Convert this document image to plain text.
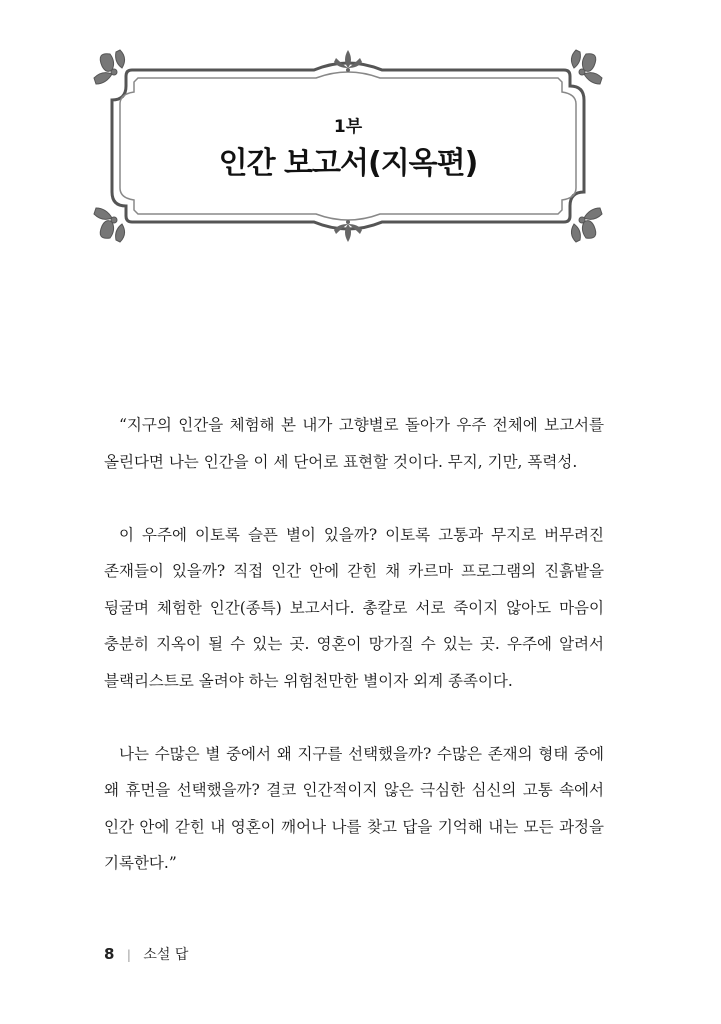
1부
인간 보고서(지옥편)

“지구의 인간을 체험해 본 내가 고향별로 돌아가 우주 전체에 보고서를 올린다면 나는 인간을 이 세 단어로 표현할 것이다. 무지, 기만, 폭력성.

이 우주에 이토록 슬픈 별이 있을까? 이토록 고통과 무지로 버무려진 존재들이 있을까? 직접 인간 안에 갇힌 채 카르마 프로그램의 진흙밭을 뒹굴며 체험한 인간(종특) 보고서다. 총칼로 서로 죽이지 않아도 마음이 충분히 지옥이 될 수 있는 곳. 영혼이 망가질 수 있는 곳. 우주에 알려서 블랙리스트로 올려야 하는 위험천만한 별이자 외계 종족이다.

나는 수많은 별 중에서 왜 지구를 선택했을까? 수많은 존재의 형태 중에 왜 휴먼을 선택했을까? 결코 인간적이지 않은 극심한 심신의 고통 속에서 인간 안에 갇힌 내 영혼이 깨어나 나를 찾고 답을 기억해 내는 모든 과정을 기록한다.”

8 | 소설 답
